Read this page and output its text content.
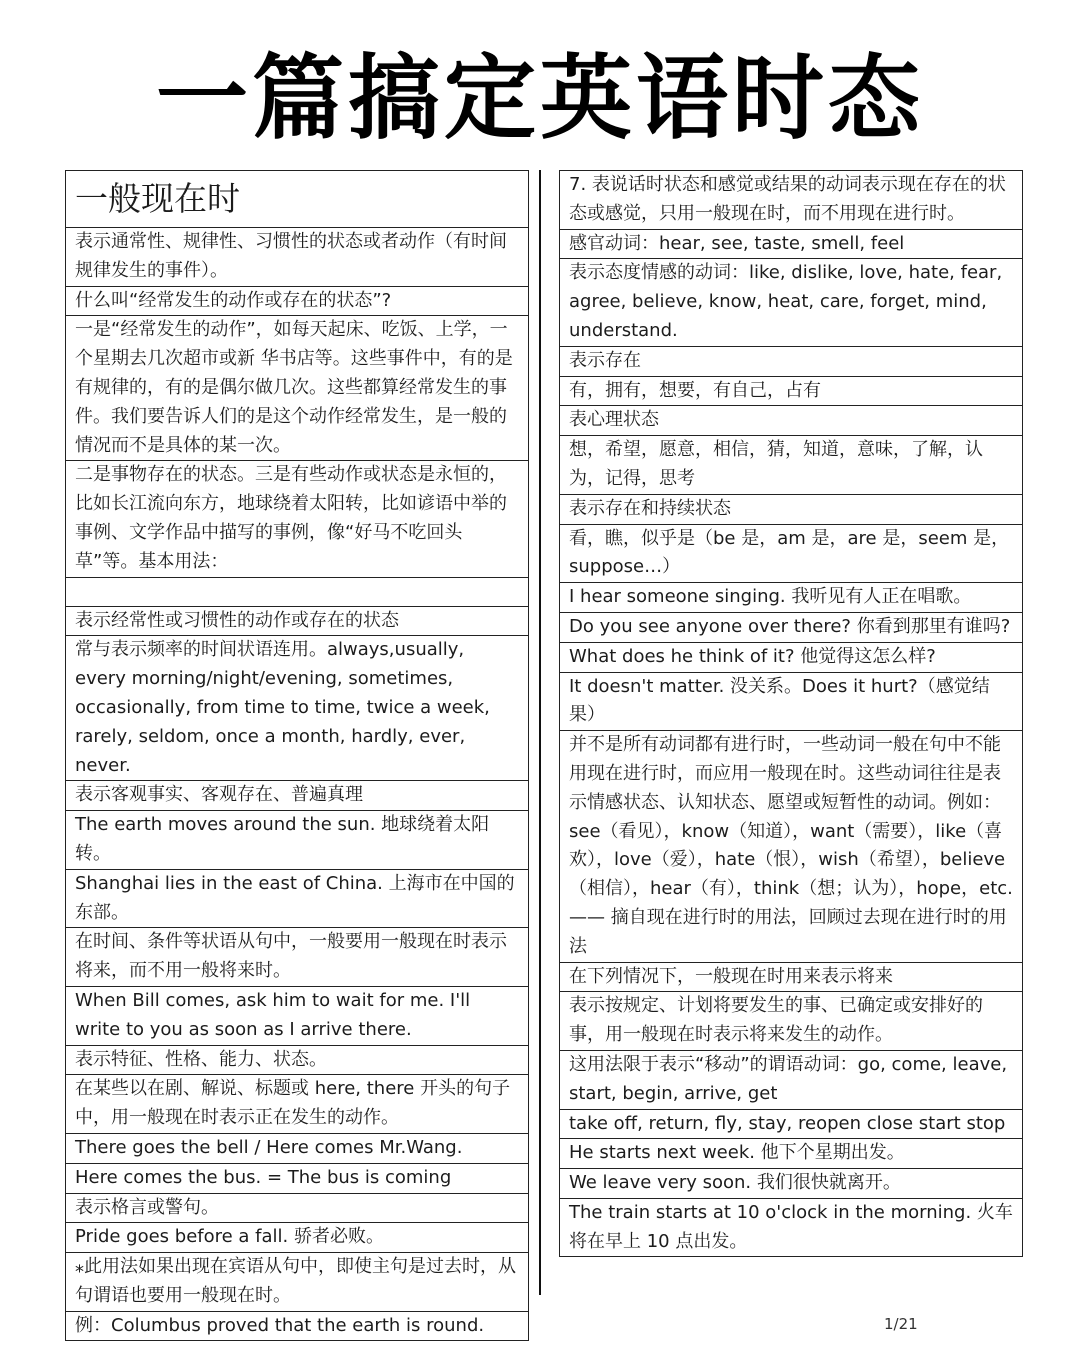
一篇搞定英语时态
一般现在时
表示通常性、规律性、习惯性的状态或者动作（有时间规律发生的事件）。
什么叫“经常发生的动作或存在的状态”?
一是“经常发生的动作”，如每天起床、吃饭、上学，一个星期去几次超市或新 华书店等。这些事件中，有的是有规律的，有的是偶尔做几次。这些都算经常发生的事件。我们要告诉人们的是这个动作经常发生，是一般的情况而不是具体的某一次。
二是事物存在的状态。三是有些动作或状态是永恒的，比如长江流向东方，地球绕着太阳转，比如谚语中举的事例、文学作品中描写的事例，像“好马不吃回头草”等。基本用法：
表示经常性或习惯性的动作或存在的状态
常与表示频率的时间状语连用。always,usually, every morning/night/evening, sometimes, occasionally, from time to time, twice a week, rarely, seldom, once a month, hardly, ever, never.
表示客观事实、客观存在、普遍真理
The earth moves around the sun. 地球绕着太阳转。
Shanghai lies in the east of China. 上海市在中国的东部。
在时间、条件等状语从句中，一般要用一般现在时表示将来，而不用一般将来时。
When Bill comes, ask him to wait for me. I'll write to you as soon as I arrive there.
表示特征、性格、能力、状态。
在某些以在剧、解说、标题或 here, there 开头的句子中，用一般现在时表示正在发生的动作。
There goes the bell / Here comes Mr.Wang.
Here comes the bus. = The bus is coming
表示格言或警句。
Pride goes before a fall. 骄者必败。
⁎此用法如果出现在宾语从句中，即使主句是过去时，从句谓语也要用一般现在时。
例：Columbus proved that the earth is round.
7. 表说话时状态和感觉或结果的动词表示现在存在的状态或感觉，只用一般现在时，而不用现在进行时。
感官动词：hear, see, taste, smell, feel
表示态度情感的动词：like, dislike, love, hate, fear, agree, believe, know, heat, care, forget, mind, understand.
表示存在
有，拥有，想要，有自己，占有
表心理状态
想，希望，愿意，相信，猜，知道，意味，了解，认为，记得，思考
表示存在和持续状态
看，瞧，似乎是（be 是，am 是，are 是，seem 是，suppose…）
I hear someone singing. 我听见有人正在唱歌。
Do you see anyone over there? 你看到那里有谁吗?
What does he think of it? 他觉得这怎么样?
It doesn't matter. 没关系。Does it hurt?（感觉结果）
并不是所有动词都有进行时，一些动词一般在句中不能用现在进行时，而应用一般现在时。这些动词往往是表示情感状态、认知状态、愿望或短暂性的动词。例如：see（看见），know（知道），want（需要），like（喜欢），love（爱），hate（恨），wish（希望），believe（相信），hear（有），think（想；认为），hope，etc.—— 摘自现在进行时的用法，回顾过去现在进行时的用法
在下列情况下，一般现在时用来表示将来
表示按规定、计划将要发生的事、已确定或安排好的事，用一般现在时表示将来发生的动作。
这用法限于表示“移动”的谓语动词：go, come, leave, start, begin, arrive, get
take off, return, fly, stay, reopen close start stop
He starts next week. 他下个星期出发。
We leave very soon. 我们很快就离开。
The train starts at 10 o'clock in the morning. 火车将在早上 10 点出发。
1/21
